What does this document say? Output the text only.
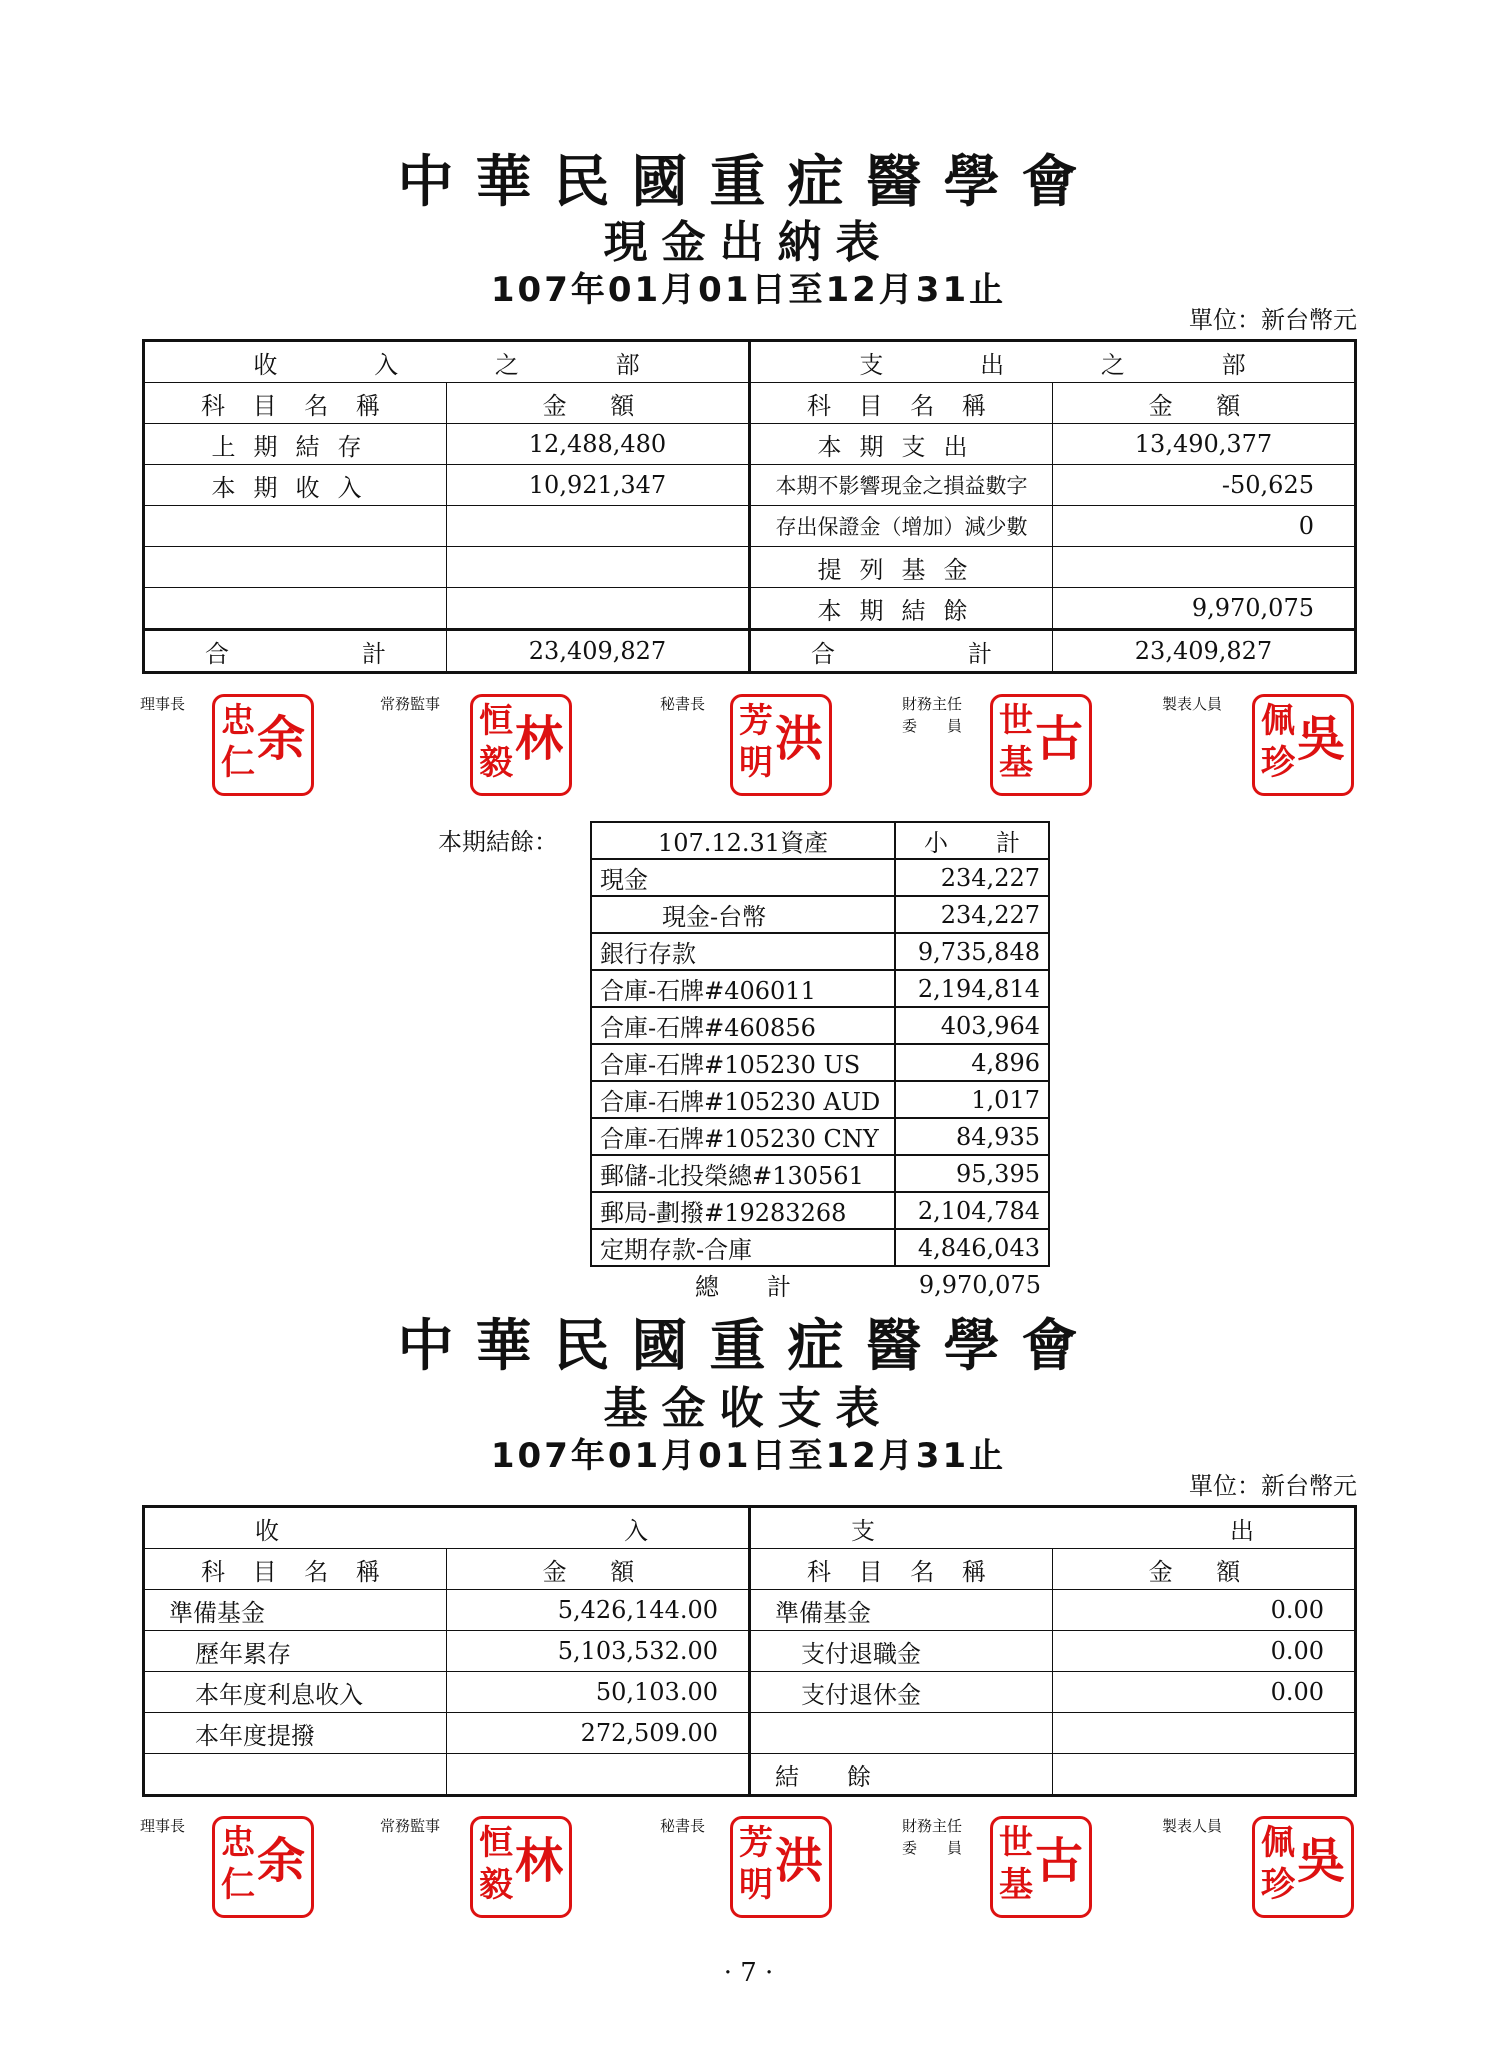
中華民國重症醫學會
現金出納表
107年01月01日至12月31止
單位：新台幣元
收 入 之 部		支 出 之 部	

科 目 名 稱	金 額	科 目 名 稱	金 額
上期結存	12,488,480	本期支出	13,490,377
本期收入	10,921,347	本期不影響現金之損益數字	-50,625
		存出保證金（增加）減少數	0
		提列基金	
		本期結餘	9,970,075

合 計	23,409,827	合 計	23,409,827
理事長 忠
仁 余
常務監事 恒
毅 林
秘書長 芳
明 洪
財務主任
委　　員 世
基 古
製表人員 佩
珍 吳
本期結餘：	107.12.31資產	小　　計
現金	234,227
現金-台幣	234,227
銀行存款	9,735,848
合庫-石牌#406011	2,194,814
合庫-石牌#460856	403,964
合庫-石牌#105230 US	4,896
合庫-石牌#105230 AUD	1,017
合庫-石牌#105230 CNY	84,935
郵儲-北投榮總#130561	95,395
郵局-劃撥#19283268	2,104,784
定期存款-合庫	4,846,043
總　　計	9,970,075
中華民國重症醫學會
基金收支表
107年01月01日至12月31止
單位：新台幣元
收 入		支 出	

科 目 名 稱	金 額	科 目 名 稱	金 額
準備基金	5,426,144.00	準備基金	0.00
歷年累存	5,103,532.00	支付退職金	0.00
本年度利息收入	50,103.00	支付退休金	0.00
本年度提撥	272,509.00		
		結　　餘	
理事長 忠
仁 余
常務監事 恒
毅 林
秘書長 芳
明 洪
財務主任
委　　員 世
基 古
製表人員 佩
珍 吳
· 7 ·
